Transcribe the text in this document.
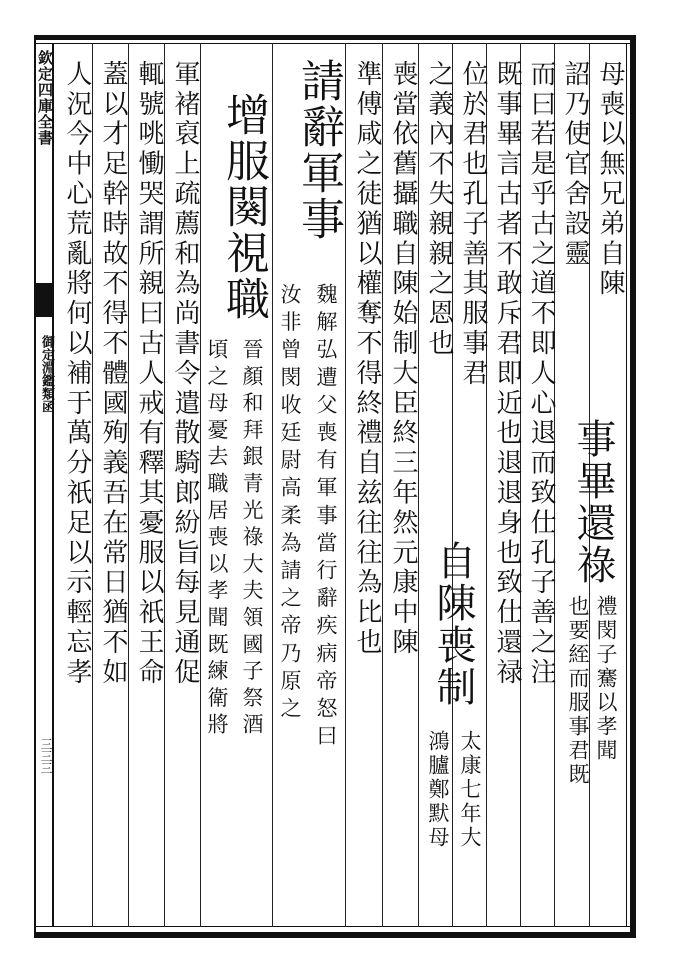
欽定四庫全書
御定淵鑑類函
三三三
母喪以無兄弟自陳
詔乃使官舍設靈
事畢還祿
禮閔子騫以孝聞
也要絰而服事君既
而曰若是乎古之道不即人心退而致仕孔子善之注
既事畢言古者不敢斥君即近也退退身也致仕還禄
位於君也孔子善其服事君
之義內不失親親之恩也
自陳喪制
太康七年大
鴻臚鄭默母
喪當依舊攝職自陳始制大臣終三年然元康中陳
準傅咸之徒猶以權奪不得終禮自兹往往為比也
請辭軍事
魏解弘遭父喪有軍事當行辭疾病帝怒曰
汝非曾閔收廷尉高柔為請之帝乃原之
增服闋視職
晉顏和拜銀青光祿大夫領國子祭酒
頃之母憂去職居喪以孝聞既練衛將
軍褚裒上疏薦和為尚書令遣散騎郎紛旨每見通促
輒號咷慟哭謂所親曰古人戒有釋其憂服以祇王命
蓋以才足幹時故不得不體國殉義吾在常日猶不如
人況今中心荒亂將何以補于萬分祇足以示輕忘孝
